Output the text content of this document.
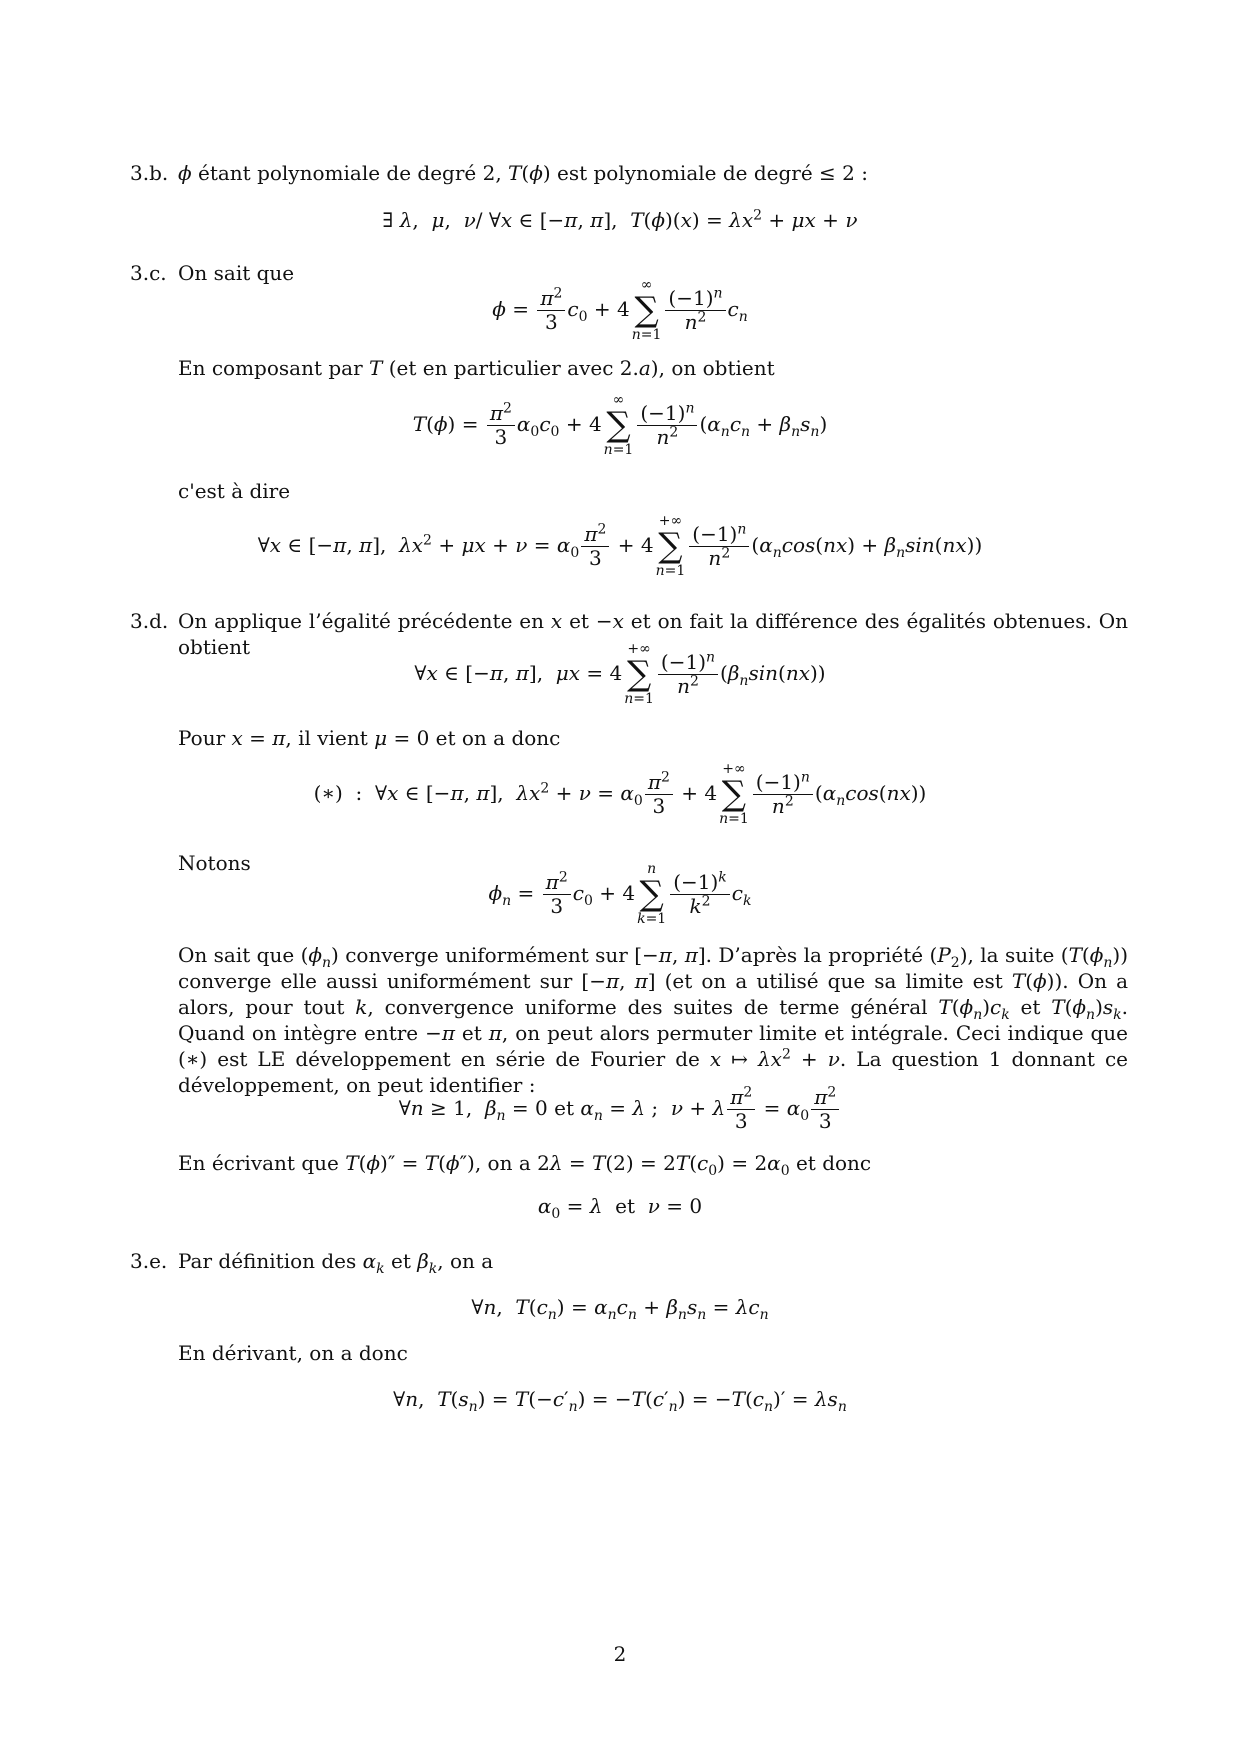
3.b. ϕ étant polynomiale de degré 2, T(ϕ) est polynomiale de degré ≤ 2 :
∃ λ,  μ,  ν/ ∀x ∈ [−π, π],  $T(\phi)(x) = \lambda x^2 + \mu x + \nu$
3.c. On sait que
$\phi = \frac{\pi^2}{3} c_0 + 4$
∞
∑
n=1
$\frac{(-1)^n}{n^2} c_n$
En composant par T (et en particulier avec 2.a), on obtient
$T(\phi) = \frac{\pi^2}{3} \alpha_0c_0 + 4$
∞
∑
n=1
$\frac{(-1)^n}{n^2} (\alpha_nc_n + \beta_ns_n)$
c'est à dire
∀x ∈ [−π, π],  $\lambda x^2 + \mu x + \nu = \alpha_0 \frac{\pi^2}{3} + 4$
+∞
∑
n=1
$\frac{(-1)^n}{n^2} (\alpha_n\cos(nx) + \beta_n\sin(nx))$
3.d. On applique l’égalité précédente en x et −x et on fait la différence des égalités obtenues. On obtient
∀x ∈ [−π, π],  μx = 4
+∞
∑
n=1
$\frac{(-1)^n}{n^2} (\beta_n\sin(nx))$
Pour x = π, il vient μ = 0 et on a donc
(∗)  :  ∀x ∈ [−π, π],  $\lambda x^2 + \nu = \alpha_0 \frac{\pi^2}{3} + 4$
+∞
∑
n=1
$\frac{(-1)^n}{n^2} (\alpha_n\cos(nx))$
Notons
$\phi_n = \frac{\pi^2}{3} c_0 + 4$
n
∑
k=1
$\frac{(-1)^k}{k^2} c_k$
On sait que $(\phi_n)$ converge uniformément sur [−π, π]. D’après la propriété $(P_2)$, la suite $(T(\phi_n))$ converge elle aussi uniformément sur [−π, π] (et on a utilisé que sa limite est T(ϕ)). On a alors, pour tout k, convergence uniforme des suites de terme général $T(\phi_n)c_k$ et $T(\phi_n)s_k$. Quand on intègre entre −π et π, on peut alors permuter limite et intégrale. Ceci indique que (∗) est LE développement en série de Fourier de x ↦ $\lambda x^2 + \nu$. La question 1 donnant ce développement, on peut identifier :
∀n ≥ 1,  $\beta_n = 0$ et $\alpha_n = \lambda$ ;  ν + λ $\frac{\pi^2}{3} = \alpha_0 \frac{\pi^2}{3}$
En écrivant que T(ϕ)″ = T(ϕ″), on a $2\lambda = T(2) = 2T(c_0) = 2\alpha_0$ et donc
$\alpha_0 = \lambda$  et  ν = 0
3.e. Par définition des $\alpha_k$ et $\beta_k$, on a
∀n,  $T(c_n) = \alpha_nc_n + \beta_ns_n = \lambda c_n$
En dérivant, on a donc
∀n,  $T(s_n) = T(-c'_n) = -T(c'_n) = -T(c_n)' = \lambda s_n$
2
